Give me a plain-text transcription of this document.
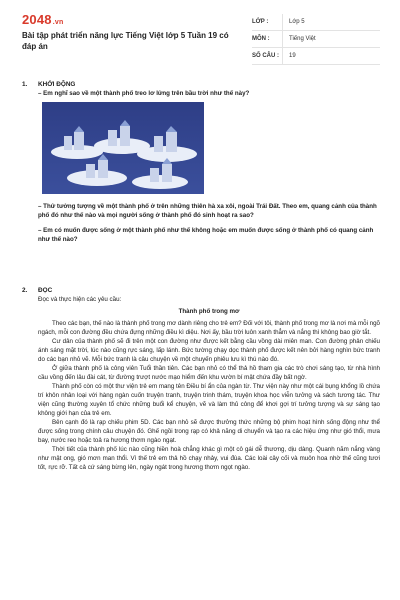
2048.vn
Bài tập phát triển năng lực Tiếng Việt lớp 5 Tuần 19 có đáp án
LỚP :	Lớp 5
MÔN :	Tiếng Việt
SỐ CÂU :	19
1. KHỞI ĐỘNG

– Em nghĩ sao về một thành phố treo lơ lửng trên bầu trời như thế này?

– Thử tưởng tượng về một thành phố ở trên những thiên hà xa xôi, ngoài Trái Đất. Theo em, quang cảnh của thành phố đó như thế nào và mọi người sống ở thành phố đó sinh hoạt ra sao?

– Em có muốn được sống ở một thành phố như thế không hoặc em muốn được sống ở thành phố có quang cảnh như thế nào?

2. ĐỌC

Đọc và thực hiện các yêu cầu:

Thành phố trong mơ

Theo các bạn, thế nào là thành phố trong mơ dành riêng cho trẻ em? Đối với tôi, thành phố trong mơ là nơi mà mỗi ngõ ngách, mỗi con đường đều chứa đựng những điều kì diệu. Nơi ấy, bầu trời luôn xanh thẳm và nắng thì không bao giờ tắt.

Cư dân của thành phố sẽ đi trên một con đường như được kết bằng cầu vồng dài miên man. Con đường phản chiếu ánh sáng mặt trời, lúc nào cũng rực sáng, lấp lánh. Bức tường chạy dọc thành phố được kết nên bởi hàng nghìn bức tranh do các bạn nhỏ vẽ. Mỗi bức tranh là câu chuyện về một chuyến phiêu lưu kì thú nào đó.

Ở giữa thành phố là công viên Tuổi thần tiên. Các bạn nhỏ có thể thả hồ tham gia các trò chơi sáng tạo, từ nhà hình cầu vồng đến lâu đài cát, từ đường trượt nước mạo hiểm đến khu vườn bí mật chứa đầy bất ngờ.

Thành phố còn có một thư viện trẻ em mang tên Điều bí ẩn của ngàn từ. Thư viện này như một cái bụng khổng lồ chứa trí khôn nhân loại với hàng ngàn cuốn truyện tranh, truyện trinh thám, truyện khoa học viễn tưởng và sách tương tác. Thư viện cũng thường xuyên tổ chức những buổi kể chuyện, vẽ và làm thủ công để khơi gợi trí tưởng tượng và sự sáng tạo không giới hạn của trẻ em.

Bên cạnh đó là rạp chiếu phim 5D. Các bạn nhỏ sẽ được thưởng thức những bộ phim hoạt hình sống động như thể được sống trong chính câu chuyện đó. Ghế ngồi trong rạp có khả năng di chuyển và tạo ra các hiệu ứng như gió thổi, mưa bay, nước reo hoặc toả ra hương thơm ngào ngạt.

Thời tiết của thành phố lúc nào cũng hiền hoà chẳng khác gì một cô gái dễ thương, dịu dàng. Quanh năm nắng vàng như mật ong, gió mơn man thổi. Vì thế trẻ em thả hồ chạy nhảy, vui đùa. Các loài cây cối và muôn hoa nhờ thế cũng tươi tốt, rực rỡ. Tất cả cứ sáng bừng lên, ngày ngát trong hương thơm ngọt ngào.
